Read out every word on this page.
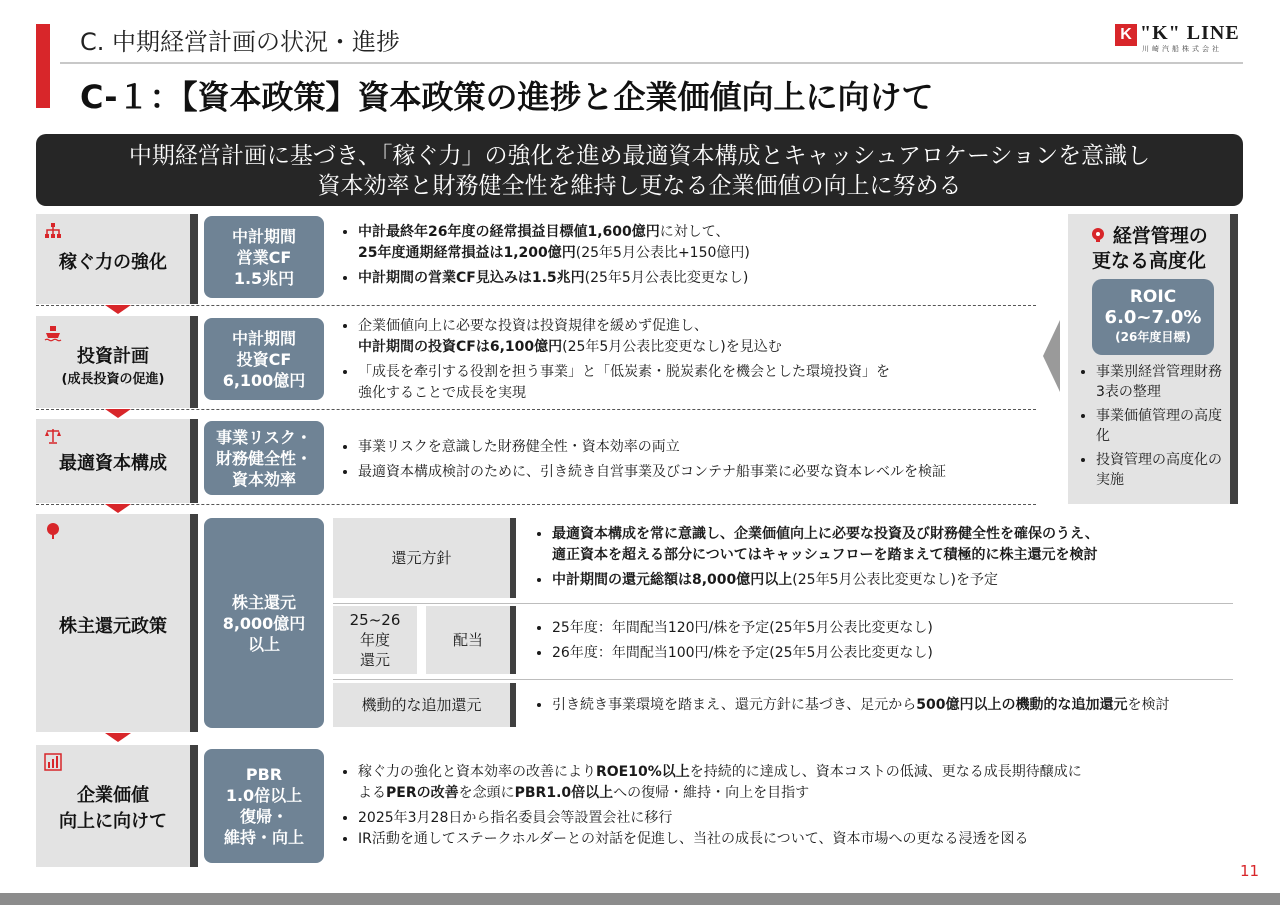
C. 中期経営計画の状況・進捗
C-１：【資本政策】資本政策の進捗と企業価値向上に向けて
K "K" LINE
川崎汽船株式会社
中期経営計画に基づき、「稼ぐ力」の強化を進め最適資本構成とキャッシュアロケーションを意識し
資本効率と財務健全性を維持し更なる企業価値の向上に努める
稼ぐ力の強化
中計期間
営業CF
1.5兆円
• 中計最終年26年度の経常損益目標値1,600億円に対して、
25年度通期経常損益は1,200億円(25年5月公表比+150億円)
• 中計期間の営業CF見込みは1.5兆円(25年5月公表比変更なし)
投資計画
(成長投資の促進)
中計期間
投資CF
6,100億円
• 企業価値向上に必要な投資は投資規律を緩めず促進し、
中計期間の投資CFは6,100億円(25年5月公表比変更なし)を見込む
• 「成長を牽引する役割を担う事業」と「低炭素・脱炭素化を機会とした環境投資」を
強化することで成長を実現
最適資本構成
事業リスク・
財務健全性・
資本効率
• 事業リスクを意識した財務健全性・資本効率の両立
• 最適資本構成検討のために、引き続き自営事業及びコンテナ船事業に必要な資本レベルを検証
株主還元政策
株主還元
8,000億円
以上
還元方針
• 最適資本構成を常に意識し、企業価値向上に必要な投資及び財務健全性を確保のうえ、
適正資本を超える部分についてはキャッシュフローを踏まえて積極的に株主還元を検討
• 中計期間の還元総額は8,000億円以上(25年5月公表比変更なし)を予定
25~26
年度
還元
配当
• 25年度：年間配当120円/株を予定(25年5月公表比変更なし)
• 26年度：年間配当100円/株を予定(25年5月公表比変更なし)
機動的な追加還元
•	引き続き事業環境を踏まえ、還元方針に基づき、足元から500億円以上の機動的な追加還元を検討
企業価値
向上に向けて
PBR
1.0倍以上
復帰・
維持・向上
• 稼ぐ力の強化と資本効率の改善によりROE10%以上を持続的に達成し、資本コストの低減、更なる成長期待醸成に
よるPERの改善を念頭にPBR1.0倍以上への復帰・維持・向上を目指す
• 2025年3月28日から指名委員会等設置会社に移行
• IR活動を通してステークホルダーとの対話を促進し、当社の成長について、資本市場への更なる浸透を図る
経営管理の
更なる高度化
ROIC
6.0~7.0%
(26年度目標)
• 事業別経営管理財務3表の整理
• 事業価値管理の高度化
• 投資管理の高度化の実施
11
